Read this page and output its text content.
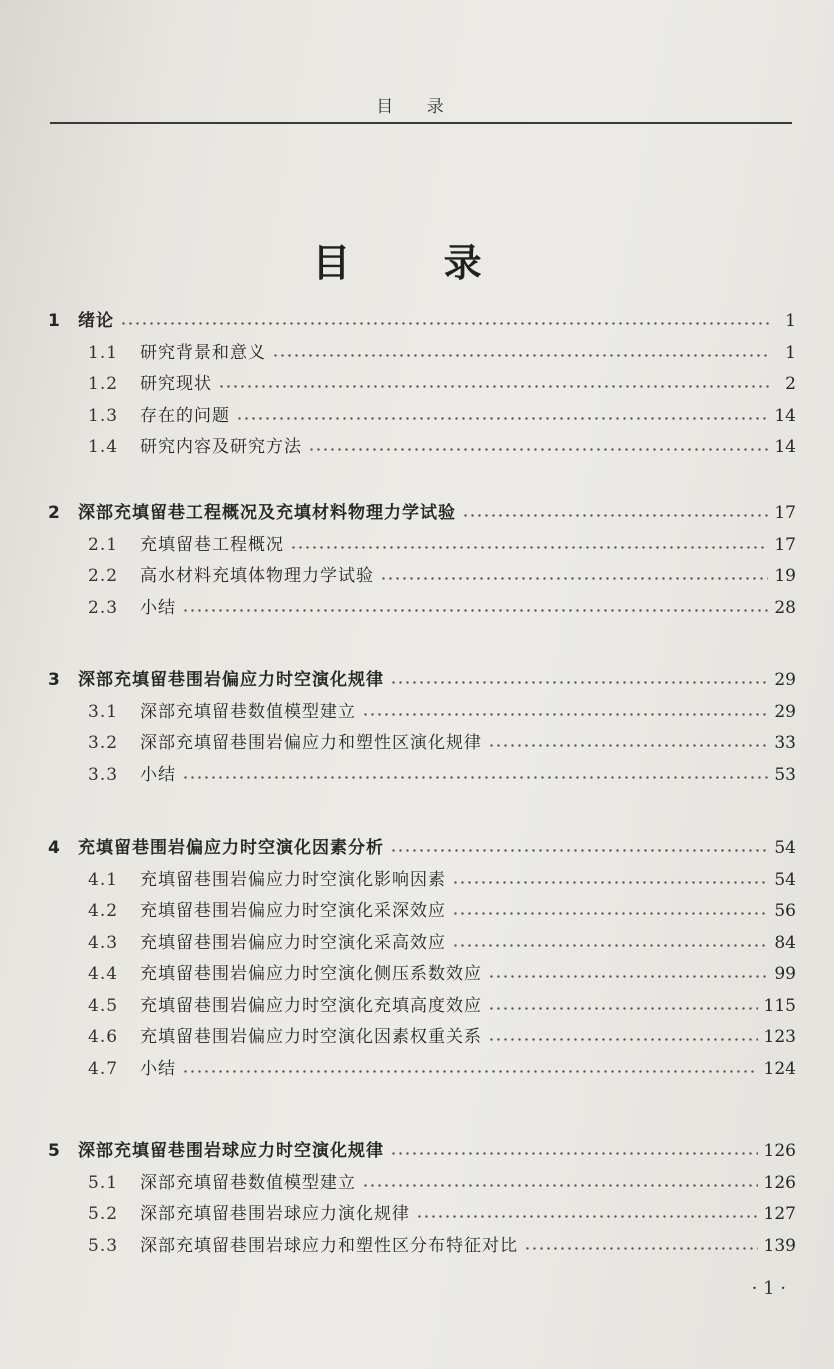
目 录
目 录
1	绪论	1
1.1	研究背景和意义	1
1.2	研究现状	2
1.3	存在的问题	14
1.4	研究内容及研究方法	14
2	深部充填留巷工程概况及充填材料物理力学试验	17
2.1	充填留巷工程概况	17
2.2	高水材料充填体物理力学试验	19
2.3	小结	28
3	深部充填留巷围岩偏应力时空演化规律	29
3.1	深部充填留巷数值模型建立	29
3.2	深部充填留巷围岩偏应力和塑性区演化规律	33
3.3	小结	53
4	充填留巷围岩偏应力时空演化因素分析	54
4.1	充填留巷围岩偏应力时空演化影响因素	54
4.2	充填留巷围岩偏应力时空演化采深效应	56
4.3	充填留巷围岩偏应力时空演化采高效应	84
4.4	充填留巷围岩偏应力时空演化侧压系数效应	99
4.5	充填留巷围岩偏应力时空演化充填高度效应	115
4.6	充填留巷围岩偏应力时空演化因素权重关系	123
4.7	小结	124
5	深部充填留巷围岩球应力时空演化规律	126
5.1	深部充填留巷数值模型建立	126
5.2	深部充填留巷围岩球应力演化规律	127
5.3	深部充填留巷围岩球应力和塑性区分布特征对比	139
· 1 ·
